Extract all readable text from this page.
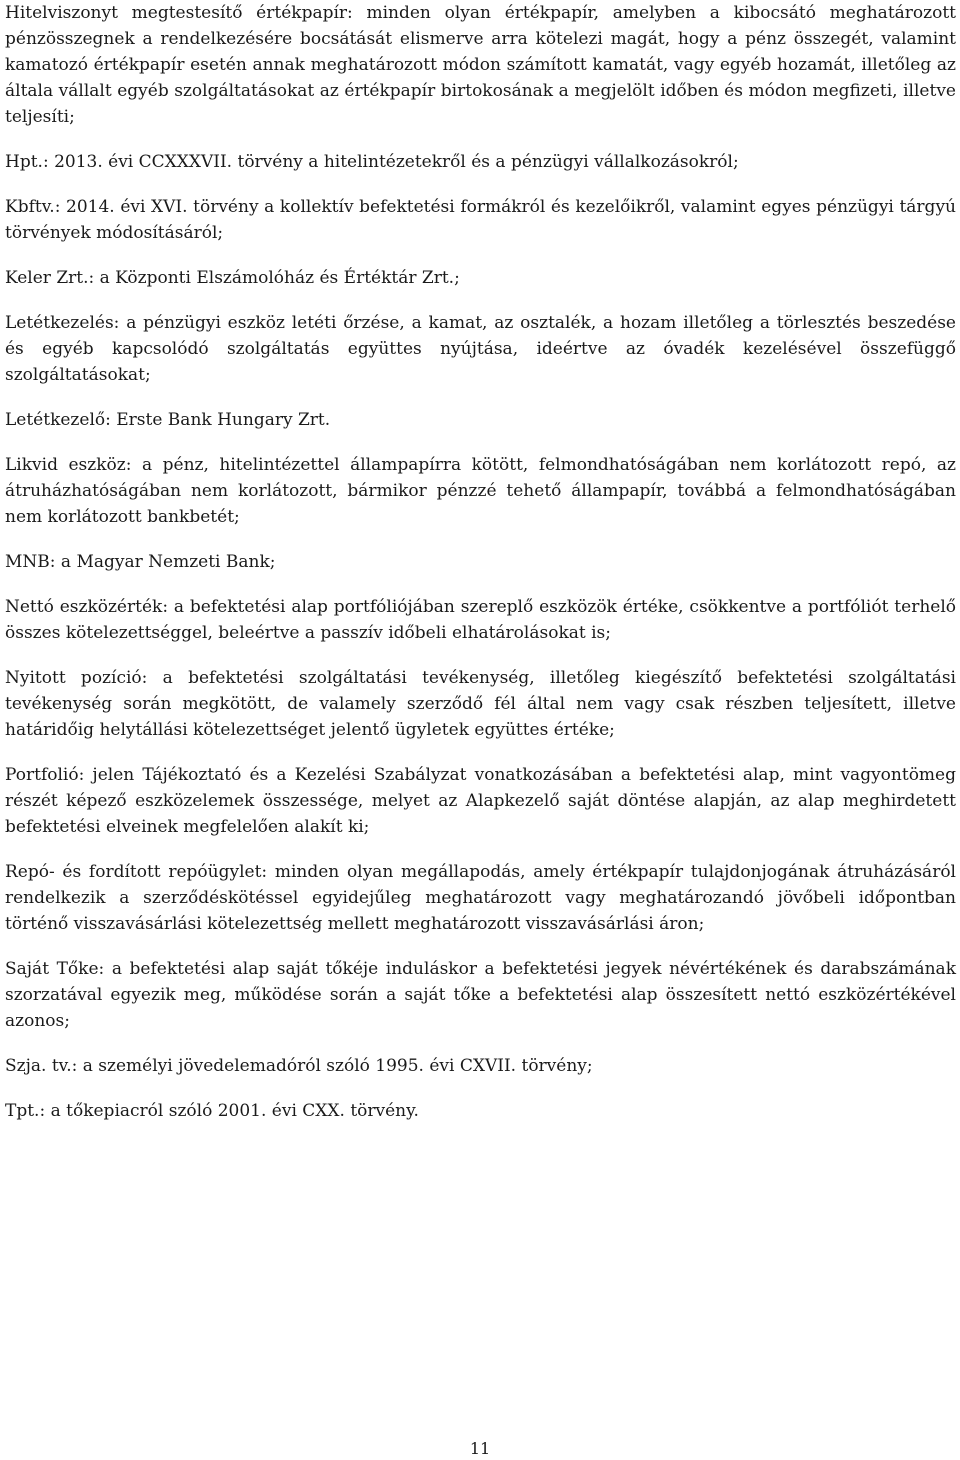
Hitelviszonyt megtestesítő értékpapír: minden olyan értékpapír, amelyben a kibocsátó meghatározott pénzösszegnek a rendelkezésére bocsátását elismerve arra kötelezi magát, hogy a pénz összegét, valamint kamatozó értékpapír esetén annak meghatározott módon számított kamatát, vagy egyéb hozamát, illetőleg az általa vállalt egyéb szolgáltatásokat az értékpapír birtokosának a megjelölt időben és módon megfizeti, illetve teljesíti;

Hpt.: 2013. évi CCXXXVII. törvény a hitelintézetekről és a pénzügyi vállalkozásokról;

Kbftv.: 2014. évi XVI. törvény a kollektív befektetési formákról és kezelőikről, valamint egyes pénzügyi tárgyú törvények módosításáról;

Keler Zrt.: a Központi Elszámolóház és Értéktár Zrt.;

Letétkezelés: a pénzügyi eszköz letéti őrzése, a kamat, az osztalék, a hozam illetőleg a törlesztés beszedése és egyéb kapcsolódó szolgáltatás együttes nyújtása, ideértve az óvadék kezelésével összefüggő szolgáltatásokat;

Letétkezelő: Erste Bank Hungary Zrt.

Likvid eszköz: a pénz, hitelintézettel állampapírra kötött, felmondhatóságában nem korlátozott repó, az átruházhatóságában nem korlátozott, bármikor pénzzé tehető állampapír, továbbá a felmondhatóságában nem korlátozott bankbetét;

MNB: a Magyar Nemzeti Bank;

Nettó eszközérték: a befektetési alap portfóliójában szereplő eszközök értéke, csökkentve a portfóliót terhelő összes kötelezettséggel, beleértve a passzív időbeli elhatárolásokat is;

Nyitott pozíció: a befektetési szolgáltatási tevékenység, illetőleg kiegészítő befektetési szolgáltatási tevékenység során megkötött, de valamely szerződő fél által nem vagy csak részben teljesített, illetve határidőig helytállási kötelezettséget jelentő ügyletek együttes értéke;

Portfolió: jelen Tájékoztató és a Kezelési Szabályzat vonatkozásában a befektetési alap, mint vagyontömeg részét képező eszközelemek összessége, melyet az Alapkezelő saját döntése alapján, az alap meghirdetett befektetési elveinek megfelelően alakít ki;

Repó- és fordított repóügylet: minden olyan megállapodás, amely értékpapír tulajdonjogának átruházásáról rendelkezik a szerződéskötéssel egyidejűleg meghatározott vagy meghatározandó jövőbeli időpontban történő visszavásárlási kötelezettség mellett meghatározott visszavásárlási áron;

Saját Tőke: a befektetési alap saját tőkéje induláskor a befektetési jegyek névértékének és darabszámának szorzatával egyezik meg, működése során a saját tőke a befektetési alap összesített nettó eszközértékével azonos;

Szja. tv.: a személyi jövedelemadóról szóló 1995. évi CXVII. törvény;

Tpt.: a tőkepiacról szóló 2001. évi CXX. törvény.

11
